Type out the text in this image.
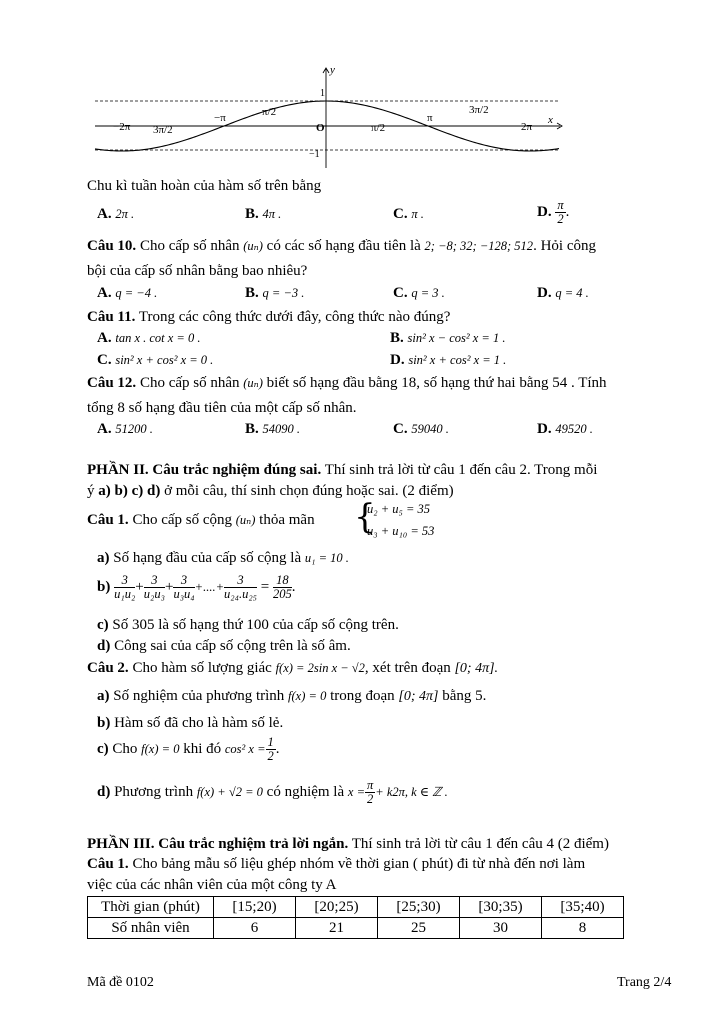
y
x
−2π 3π/2
−π	π/2
O	π/2
π
3π/2
2π
1
−1
Chu kì tuần hoàn của hàm số trên bằng
A. 2π .	B. 4π .	C. π .	D. $\frac{\pi}{2}$ .
Câu 10. Cho cấp số nhân (uₙ) có các số hạng đầu tiên là 2; −8; 32; −128; 512. Hỏi công
bội của cấp số nhân bằng bao nhiêu?
A. q = −4 .	B. q = −3 .	C. q = 3 .	D. q = 4 .
Câu 11. Trong các công thức dưới đây, công thức nào đúng?
A. tan x . cot x = 0 .	B. sin² x − cos² x = 1 .
C. sin² x + cos² x = 0 .	D. sin² x + cos² x = 1 .
Câu 12. Cho cấp số nhân (uₙ) biết số hạng đầu bằng 18, số hạng thứ hai bằng 54 . Tính
tổng 8 số hạng đầu tiên của một cấp số nhân.
A. 51200 .	B. 54090 .	C. 59040 .	D. 49520 .
PHẦN II. Câu trắc nghiệm đúng sai. Thí sinh trả lời từ câu 1 đến câu 2. Trong mỗi
ý a) b) c) d) ở mỗi câu, thí sinh chọn đúng hoặc sai. (2 điểm)
Câu 1. Cho cấp số cộng (uₙ) thỏa mãn {
u₂ + u₅ = 35
u₃ + u₁₀ = 53
a) Số hạng đầu của cấp số cộng là u₁ = 10 .
$b) \frac{3}{\text{u₁u₂}} + \frac{3}{\text{u₂u₃}} + \frac{3}{\text{u₃u₄}}$ +....+ $\frac{3}{\text{u₂₄.u₂₅}} = \frac{18}{205}$ .
c) Số 305 là số hạng thứ 100 của cấp số cộng trên.
d) Công sai của cấp số cộng trên là số âm.
Câu 2. Cho hàm số lượng giác f(x) = 2sin x − √2, xét trên đoạn [0; 4π].
a) Số nghiệm của phương trình f(x) = 0 trong đoạn [0; 4π] bằng 5.
b) Hàm số đã cho là hàm số lẻ.
c) Cho f(x) = 0 khi đó cos² $x = \frac{1}{2}$ .
d) Phương trình f(x) + √2 = 0 có nghiệm là $x = \frac{\pi}{2} + k2\pi$, k ∈ ℤ .
PHẦN III. Câu trắc nghiệm trả lời ngắn. Thí sinh trả lời từ câu 1 đến câu 4 (2 điểm)
Câu 1. Cho bảng mẫu số liệu ghép nhóm về thời gian ( phút) đi từ nhà đến nơi làm
việc của các nhân viên của một công ty A
Thời gian (phút)	[15;20)	[20;25)	[25;30)	[30;35)	[35;40)
Số nhân viên	6	21	25	30	8
Mã đề 0102	Trang 2/4
